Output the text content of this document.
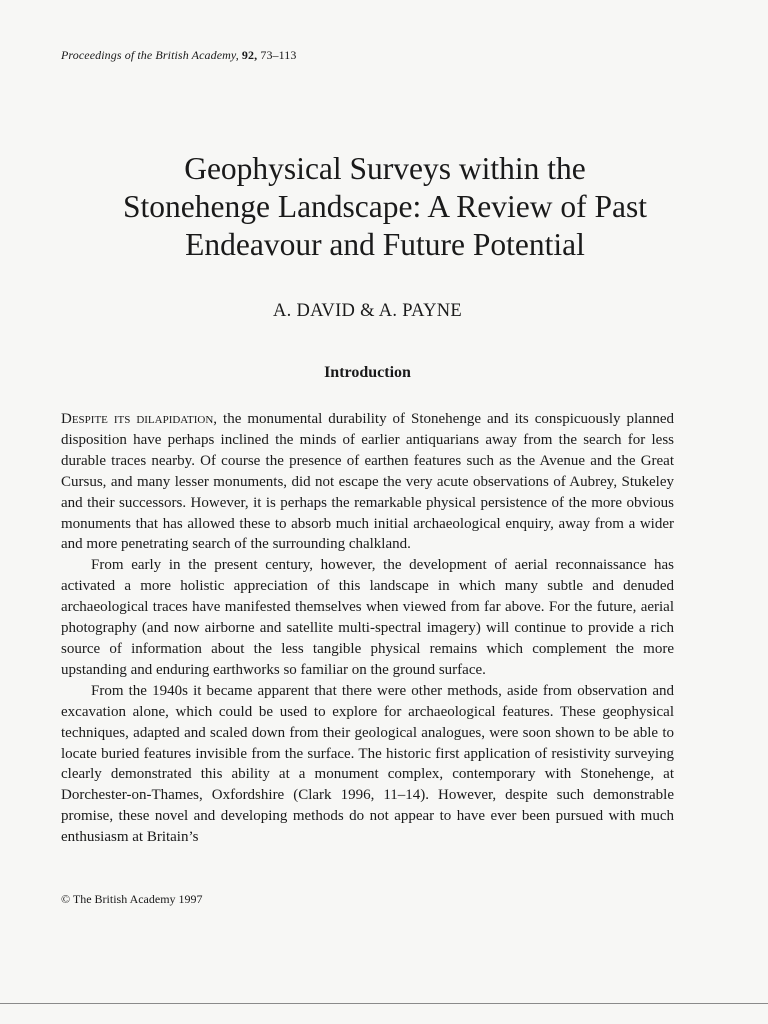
Proceedings of the British Academy, 92, 73–113
Geophysical Surveys within the
Stonehenge Landscape: A Review of Past
Endeavour and Future Potential
A. DAVID & A. PAYNE
Introduction

Despite its dilapidation, the monumental durability of Stonehenge and its conspicuously planned disposition have perhaps inclined the minds of earlier antiquarians away from the search for less durable traces nearby. Of course the presence of earthen features such as the Avenue and the Great Cursus, and many lesser monuments, did not escape the very acute observations of Aubrey, Stukeley and their successors. However, it is perhaps the remarkable physical persistence of the more obvious monuments that has allowed these to absorb much initial archaeological enquiry, away from a wider and more penetrating search of the surrounding chalkland.

From early in the present century, however, the development of aerial reconnaissance has activated a more holistic appreciation of this landscape in which many subtle and denuded archaeological traces have manifested themselves when viewed from far above. For the future, aerial photography (and now airborne and satellite multi-spectral imagery) will continue to provide a rich source of information about the less tangible physical remains which complement the more upstanding and enduring earthworks so familiar on the ground surface.

From the 1940s it became apparent that there were other methods, aside from observation and excavation alone, which could be used to explore for archaeological features. These geophysical techniques, adapted and scaled down from their geological analogues, were soon shown to be able to locate buried features invisible from the surface. The historic first application of resistivity surveying clearly demonstrated this ability at a monument complex, contemporary with Stonehenge, at Dorchester-on-Thames, Oxfordshire (Clark 1996, 11–14). However, despite such demonstrable promise, these novel and developing methods do not appear to have ever been pursued with much enthusiasm at Britain’s

© The British Academy 1997
